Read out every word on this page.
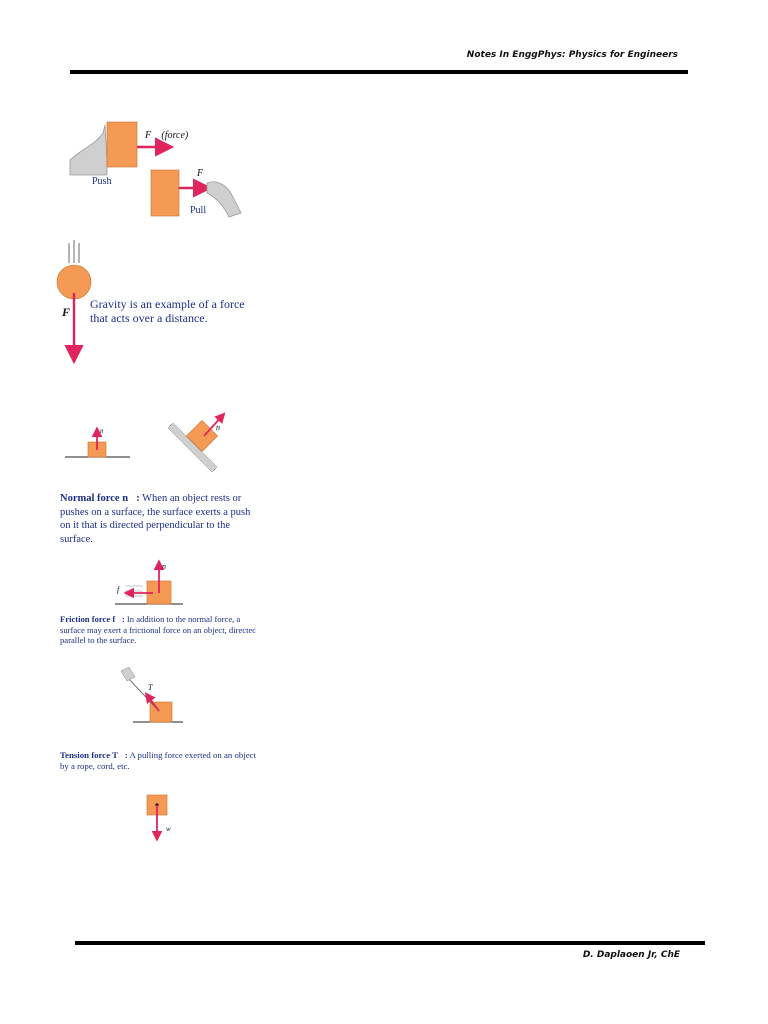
Notes In EnggPhys: Physics for Engineers
F⃗ (force)
Push
F⃗
Pull
F⃗
n⃗	n⃗
n⃗
f⃗
T⃗
w⃗
Gravity is an example of a force that acts over a distance.
Normal force n⃗: When an object rests or pushes on a surface, the surface exerts a push on it that is directed perpendicular to the surface.
Friction force f⃗: In addition to the normal force, a surface may exert a frictional force on an object, directed parallel to the surface.
Tension force T⃗: A pulling force exerted on an object by a rope, cord, etc.

HOW CAN A TUGBOAT PUSH A CRUISE SHIP THAT'S MUCH HEAVIER THAN THE TUG? WHY IS A LONG DISTANCE NEEDED TO STOP THE SHIP ONCE IT IS IN MOTION?WHY DOES YOUR FOOT HURT MORE WHEN YOU KICK A BIG ROCK THAN WHEN YOU KICK AN EMPTY CARDBOARD BOX? WHY IS IT HARDER TO CONTROL A CAR ON WET ICE THAN ON DRY CONCRETE? THE ANSWERS TO THESE AND SIMILAR QUESTIONS TAKE US INTO THE SUBJECT OF DYNAMICS, THE RELATIONSHIP OF MOTION TO THE FORCES ASSOCIATED WITH IT. IN THE TWO PRECEDING CHAPTERS WE STUDIED KINEMATICS, THE LANGUAGE FOR DESCRIBING MOTION. NOW WE ARE READY TO THINK ABOUT WHAT MAKES OBJECTS MOVE THE WAY THEY DO. IN THIS CHAPTER, WE WILL USE THE KINEMATIC QUANTITIES OF DISPLACEMENT, VELOCITY, AND ACCELERATION, ALONG WITH TWO NEW CONCEPTS: FORCE AND MASS. ALL THE PRINCIPLES OF DYNAMICS CAN BE WRAPPED UP IN A NEAT PACKAGE CONTAINING THREE STATEMENTS CALLED NEWTON'S LAWS OF MOTION.

THESE LAWS, THE CORNERSTONE OF MECHANICS, ARE BASED ON EXPERIMENTAL STUDIES OF MOVING OBJECTS. THEY ARE FUNDAMENTAL LAWS OF NATURE; THEY CANNOT BE DEDUCED OR PROVED FROM ANY OTHER PRINCIPLES. THEY WERE CLEARLY STATED FOR THE FIRST TIME BY SIR ISAAC NEWTON (1642-1727), WHO PUBLISHED THEM IN 1686 IN HIS PRINCIPIA, OR MATHEMATICAL PRINCIPLES OF NATURAL PHILOSOPHY. MANY OTHER SCIENTISTS BEFORE NEWTON CONTRIBUTED TO THE FOUNDATIONS OF MECHANICS, ESPECIALLY GALILEO GALILEI (1564-1642), WHO DIED THE SAME YEAR NEWTON WAS BORN. INDEED, NEWTON HIMSELF SAID, "IF I HAVE BEEN ABLE TO SEE A LITTLE FARTHER THAN OTHER MEN, IT IS BECAUSE I HAVE STOOD ON THE SHOULDERS OF GIANTS."

FORCE

- THE CONCEPT OF FORCE GIVES US A QUANTITATIVE DESCRIPTION OF THE INTERACTION BETWEEN TWO OBJECTS OR BETWEEN AN OBJECT AND ITS ENVIRONMENT (FIGURE 4.1). WHEN YOU PUSH ON A CAR THAT IS STUCK IN THE SNOW, YOU EXERT A FORCE ON IT. A LOCOMOTIVE EXERTS A FORCE

ON THE TRAIN IT IS PULLING OR PUSHING, A STEEL CABLE EXERTS A FORCE ON THE BEAM IT IS LIFTING AT A CONSTRUCTION SITE, AND SO ON. EACH OF THESE

D. Daplaoen Jr, ChE
